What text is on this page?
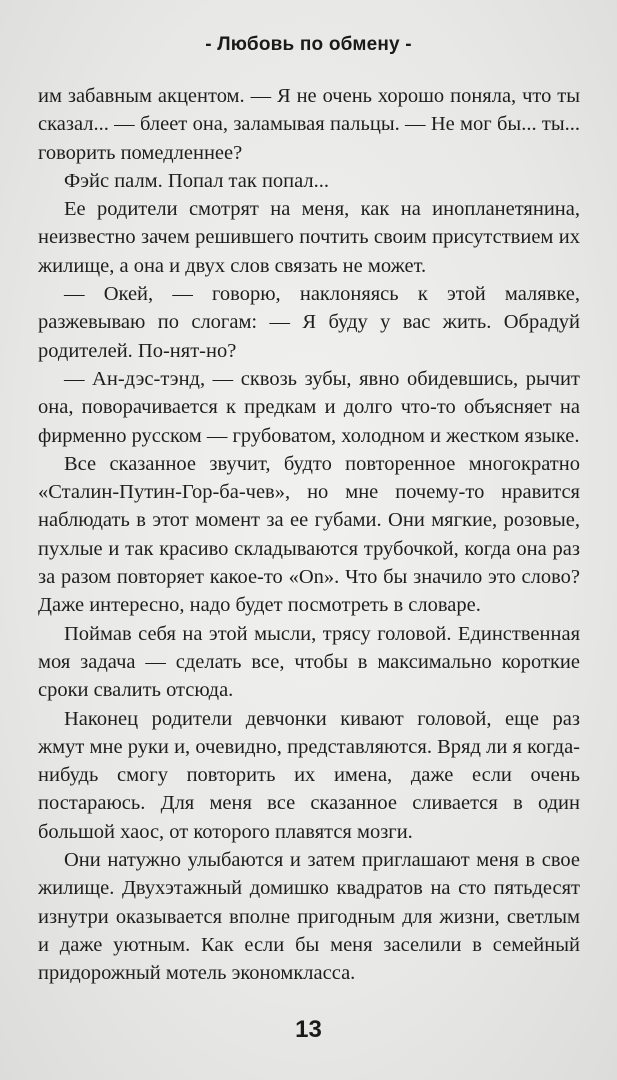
- Любовь по обмену -

им забавным акцентом. — Я не очень хорошо поняла, что ты сказал... — блеет она, заламывая пальцы. — Не мог бы... ты... говорить помедленнее?

Фэйс палм. Попал так попал...

Ее родители смотрят на меня, как на инопланетянина, неизвестно зачем решившего почтить своим присутствием их жилище, а она и двух слов связать не может.

— Окей, — говорю, наклоняясь к этой малявке, разжевываю по слогам: — Я буду у вас жить. Обрадуй родителей. По-нят-но?

— Ан-дэс-тэнд, — сквозь зубы, явно обидевшись, рычит она, поворачивается к предкам и долго что-то объясняет на фирменно русском — грубоватом, холодном и жестком языке.

Все сказанное звучит, будто повторенное многократно «Сталин-Путин-Гор-ба-чев», но мне почему-то нравится наблюдать в этот момент за ее губами. Они мягкие, розовые, пухлые и так красиво складываются трубочкой, когда она раз за разом повторяет какое-то «Оn». Что бы значило это слово? Даже интересно, надо будет посмотреть в словаре.

Поймав себя на этой мысли, трясу головой. Единственная моя задача — сделать все, чтобы в максимально короткие сроки свалить отсюда.

Наконец родители девчонки кивают головой, еще раз жмут мне руки и, очевидно, представляются. Вряд ли я когда-нибудь смогу повторить их имена, даже если очень постараюсь. Для меня все сказанное сливается в один большой хаос, от которого плавятся мозги.

Они натужно улыбаются и затем приглашают меня в свое жилище. Двухэтажный домишко квадратов на сто пятьдесят изнутри оказывается вполне пригодным для жизни, светлым и даже уютным. Как если бы меня заселили в семейный придорожный мотель экономкласса.

13
